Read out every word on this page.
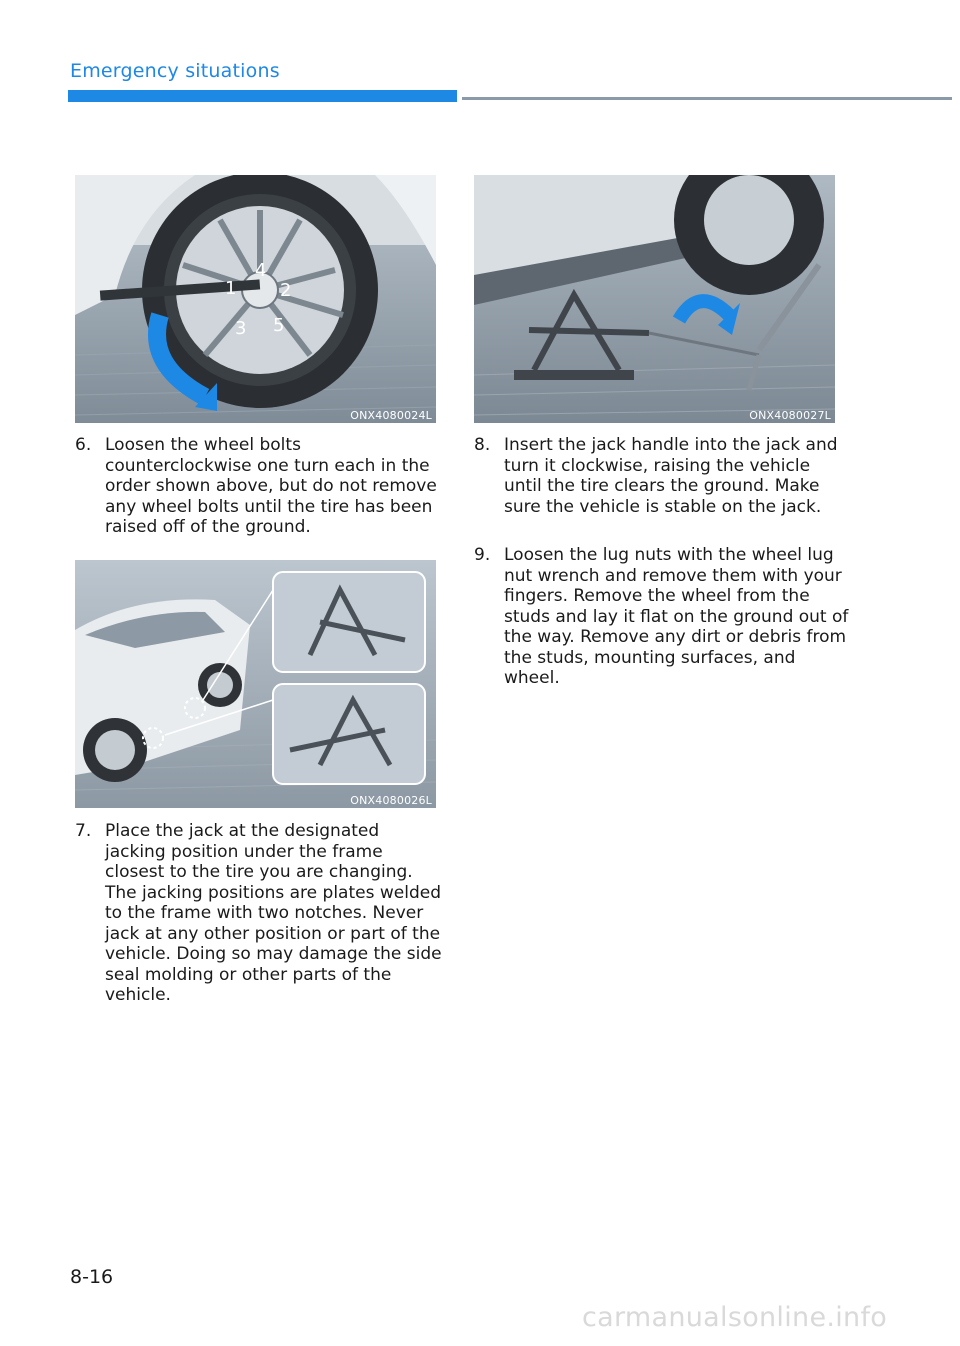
Emergency situations
1 2
3
4
5
ONX4080024L
ONX4080026L
ONX4080027L
6. Loosen the wheel bolts counterclockwise one turn each in the order shown above, but do not remove any wheel bolts until the tire has been raised off of the ground.
7. Place the jack at the designated jacking position under the frame closest to the tire you are changing. The jacking positions are plates welded to the frame with two notches. Never jack at any other position or part of the vehicle. Doing so may damage the side seal molding or other parts of the vehicle.
8. Insert the jack handle into the jack and turn it clockwise, raising the vehicle until the tire clears the ground. Make sure the vehicle is stable on the jack.
9. Loosen the lug nuts with the wheel lug nut wrench and remove them with your fingers. Remove the wheel from the studs and lay it flat on the ground out of the way. Remove any dirt or debris from the studs, mounting surfaces, and wheel.
8-16
carmanualsonline.info
